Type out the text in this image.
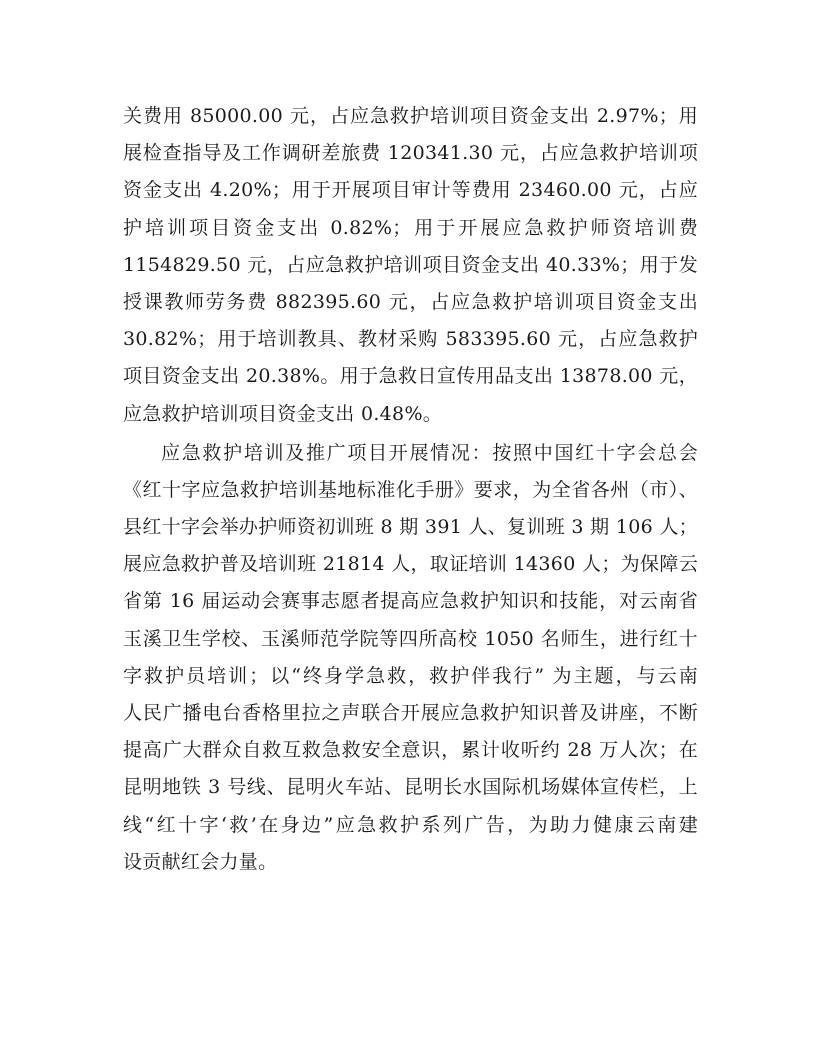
关费用 85000.00 元，占应急救护培训项目资金支出 2.97%；用
展检查指导及工作调研差旅费 120341.30 元，占应急救护培训项
资金支出 4.20%；用于开展项目审计等费用 23460.00 元，占应
护培训项目资金支出 0.82%；用于开展应急救护师资培训费
1154829.50 元，占应急救护培训项目资金支出 40.33%；用于发
授课教师劳务费 882395.60 元，占应急救护培训项目资金支出
30.82%；用于培训教具、教材采购 583395.60 元，占应急救护
项目资金支出 20.38%。用于急救日宣传用品支出 13878.00 元，
应急救护培训项目资金支出 0.48%。
应急救护培训及推广项目开展情况：按照中国红十字会总会
《红十字应急救护培训基地标准化手册》要求，为全省各州（市）、
县红十字会举办护师资初训班 8 期 391 人、复训班 3 期 106 人；
展应急救护普及培训班 21814 人，取证培训 14360 人；为保障云
省第 16 届运动会赛事志愿者提高应急救护知识和技能，对云南省
玉溪卫生学校、玉溪师范学院等四所高校 1050 名师生，进行红十
字救护员培训；以“终身学急救，救护伴我行” 为主题，与云南
人民广播电台香格里拉之声联合开展应急救护知识普及讲座，不断
提高广大群众自救互救急救安全意识，累计收听约 28 万人次；在
昆明地铁 3 号线、昆明火车站、昆明长水国际机场媒体宣传栏，上
线“红十字‘救’在身边”应急救护系列广告，为助力健康云南建
设贡献红会力量。
